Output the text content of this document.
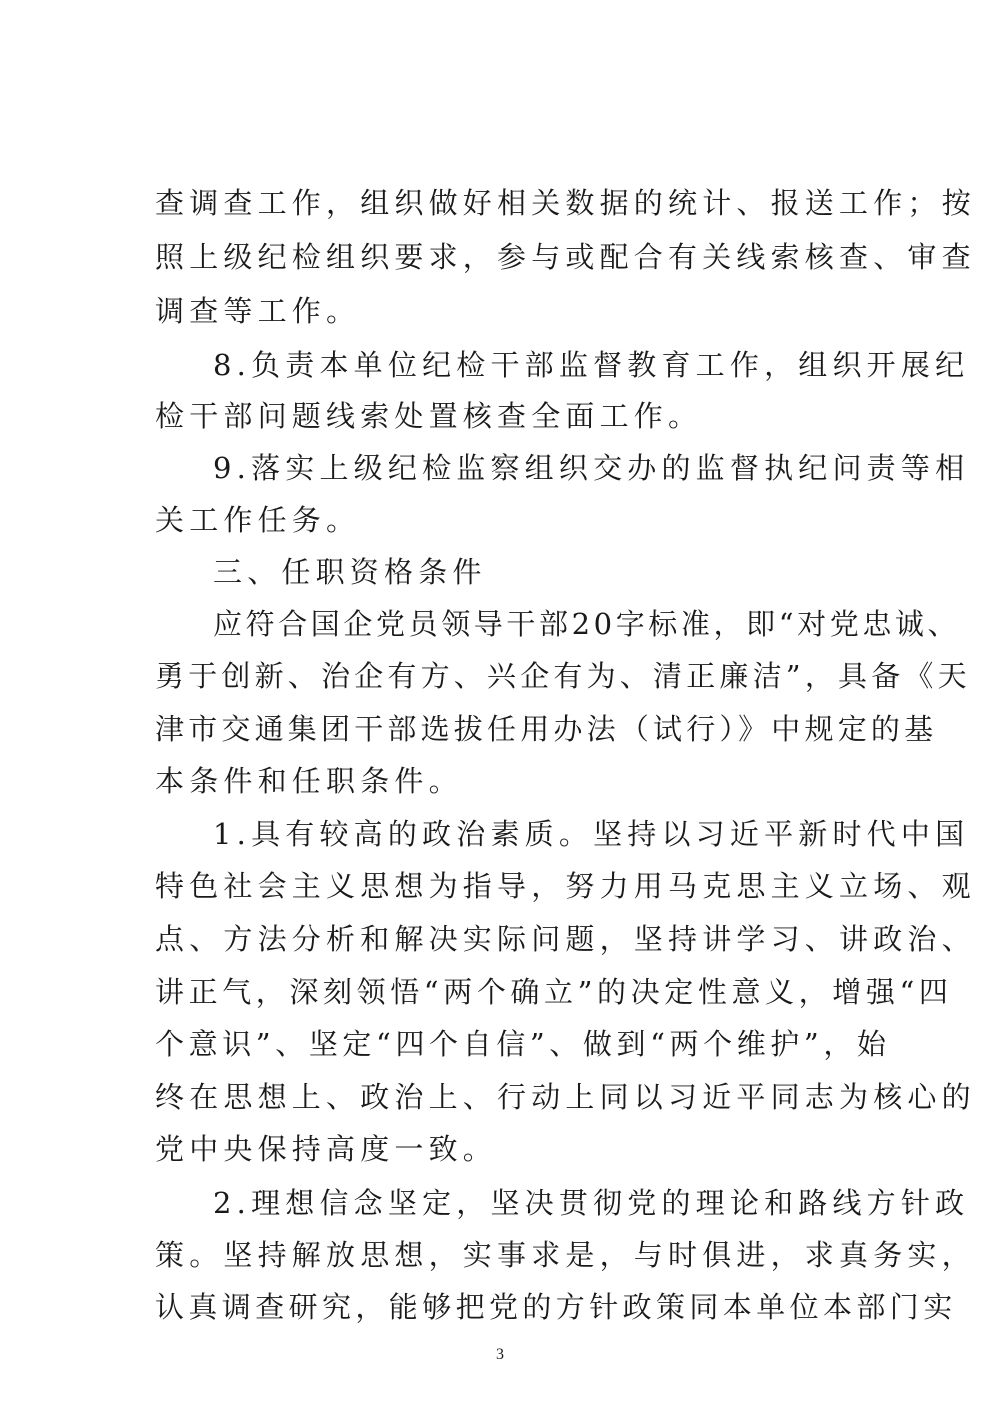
查调查工作，组织做好相关数据的统计、报送工作；按
照上级纪检组织要求，参与或配合有关线索核查、审查
调查等工作。
8.负责本单位纪检干部监督教育工作，组织开展纪
检干部问题线索处置核查全面工作。
9.落实上级纪检监察组织交办的监督执纪问责等相
关工作任务。
三、任职资格条件
应符合国企党员领导干部20字标准，即“对党忠诚、
勇于创新、治企有方、兴企有为、清正廉洁”，具备《天
津市交通集团干部选拔任用办法（试行）》中规定的基
本条件和任职条件。
1.具有较高的政治素质。坚持以习近平新时代中国
特色社会主义思想为指导，努力用马克思主义立场、观
点、方法分析和解决实际问题，坚持讲学习、讲政治、
讲正气，深刻领悟“两个确立”的决定性意义，增强“四
个意识”、坚定“四个自信”、做到“两个维护”，始
终在思想上、政治上、行动上同以习近平同志为核心的
党中央保持高度一致。
2.理想信念坚定，坚决贯彻党的理论和路线方针政
策。坚持解放思想，实事求是，与时俱进，求真务实，
认真调查研究，能够把党的方针政策同本单位本部门实
3
